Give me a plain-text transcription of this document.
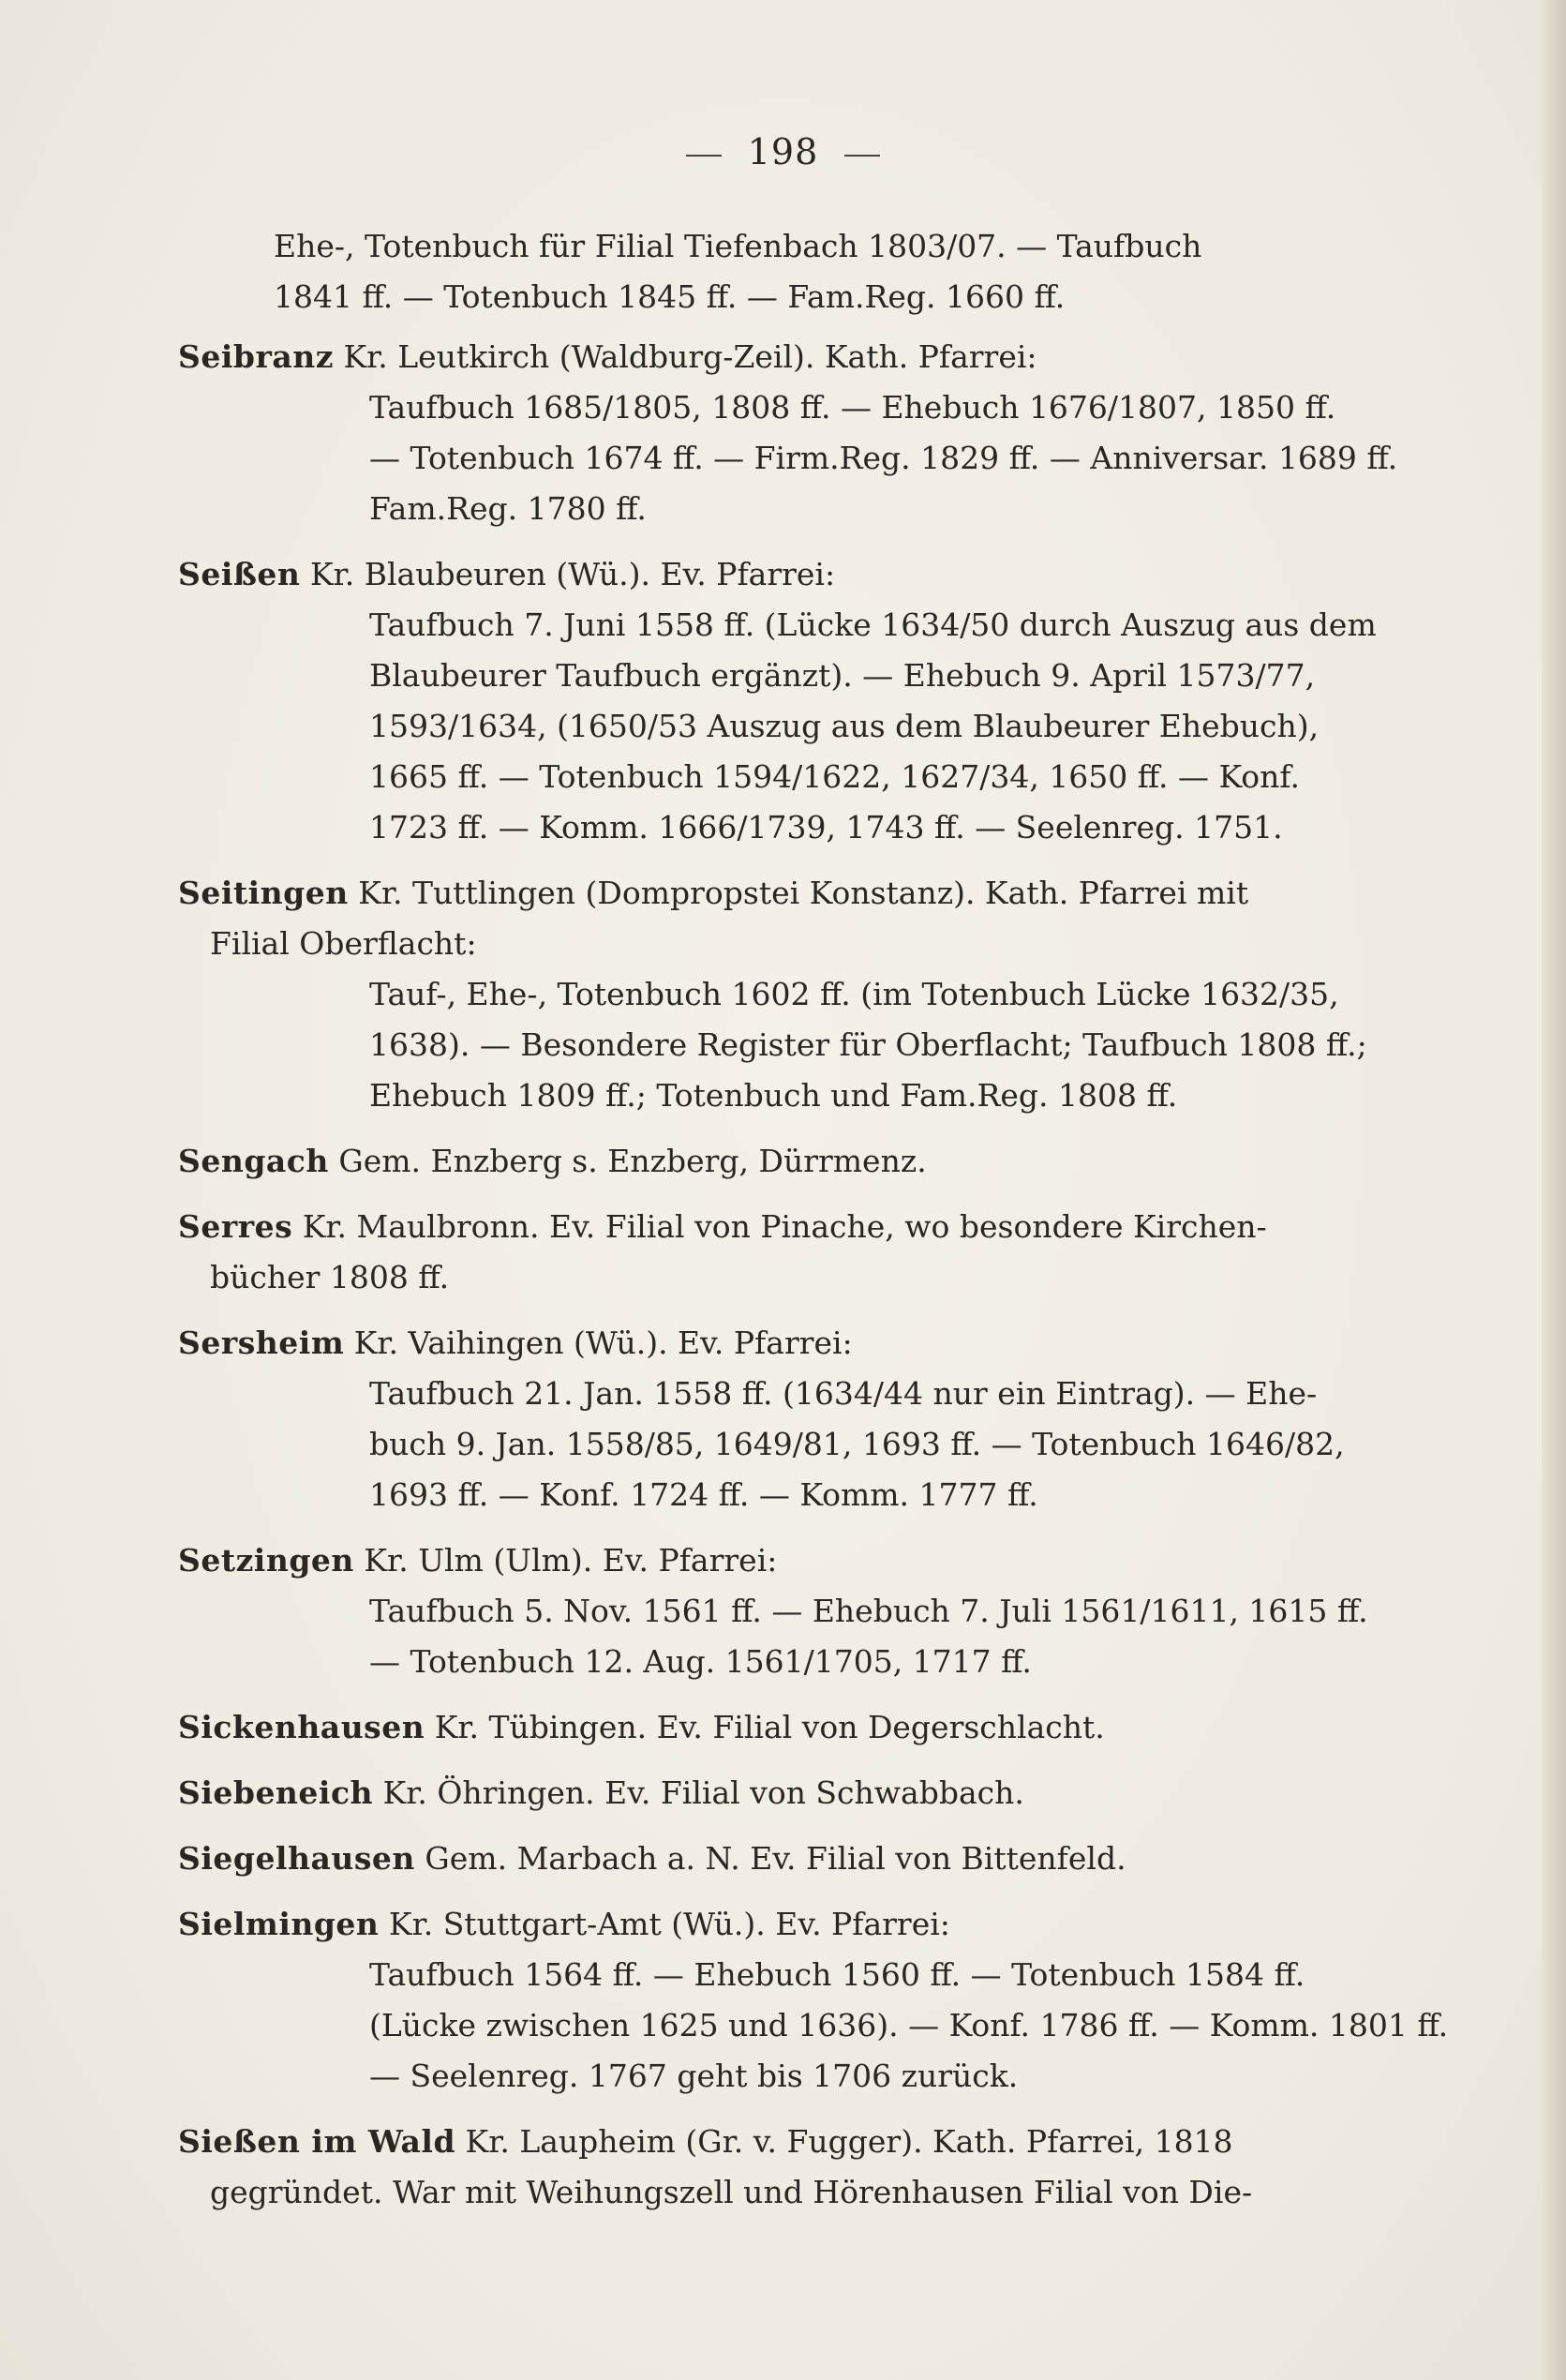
198
Ehe-, Totenbuch für Filial Tiefenbach 1803/07. — Taufbuch
1841 ff. — Totenbuch 1845 ff. — Fam.Reg. 1660 ff.
Seibranz Kr. Leutkirch (Waldburg-Zeil). Kath. Pfarrei:
Taufbuch 1685/1805, 1808 ff. — Ehebuch 1676/1807, 1850 ff.
— Totenbuch 1674 ff. — Firm.Reg. 1829 ff. — Anniversar. 1689 ff.
Fam.Reg. 1780 ff.
Seißen Kr. Blaubeuren (Wü.). Ev. Pfarrei:
Taufbuch 7. Juni 1558 ff. (Lücke 1634/50 durch Auszug aus dem
Blaubeurer Taufbuch ergänzt). — Ehebuch 9. April 1573/77,
1593/1634, (1650/53 Auszug aus dem Blaubeurer Ehebuch),
1665 ff. — Totenbuch 1594/1622, 1627/34, 1650 ff. — Konf.
1723 ff. — Komm. 1666/1739, 1743 ff. — Seelenreg. 1751.
Seitingen Kr. Tuttlingen (Dompropstei Konstanz). Kath. Pfarrei mit
Filial Oberflacht:
Tauf-, Ehe-, Totenbuch 1602 ff. (im Totenbuch Lücke 1632/35,
1638). — Besondere Register für Oberflacht; Taufbuch 1808 ff.;
Ehebuch 1809 ff.; Totenbuch und Fam.Reg. 1808 ff.
Sengach Gem. Enzberg s. Enzberg, Dürrmenz.
Serres Kr. Maulbronn. Ev. Filial von Pinache, wo besondere Kirchen-
bücher 1808 ff.
Sersheim Kr. Vaihingen (Wü.). Ev. Pfarrei:
Taufbuch 21. Jan. 1558 ff. (1634/44 nur ein Eintrag). — Ehe-
buch 9. Jan. 1558/85, 1649/81, 1693 ff. — Totenbuch 1646/82,
1693 ff. — Konf. 1724 ff. — Komm. 1777 ff.
Setzingen Kr. Ulm (Ulm). Ev. Pfarrei:
Taufbuch 5. Nov. 1561 ff. — Ehebuch 7. Juli 1561/1611, 1615 ff.
— Totenbuch 12. Aug. 1561/1705, 1717 ff.
Sickenhausen Kr. Tübingen. Ev. Filial von Degerschlacht.
Siebeneich Kr. Öhringen. Ev. Filial von Schwabbach.
Siegelhausen Gem. Marbach a. N. Ev. Filial von Bittenfeld.
Sielmingen Kr. Stuttgart-Amt (Wü.). Ev. Pfarrei:
Taufbuch 1564 ff. — Ehebuch 1560 ff. — Totenbuch 1584 ff.
(Lücke zwischen 1625 und 1636). — Konf. 1786 ff. — Komm. 1801 ff.
— Seelenreg. 1767 geht bis 1706 zurück.
Sießen im Wald Kr. Laupheim (Gr. v. Fugger). Kath. Pfarrei, 1818
gegründet. War mit Weihungszell und Hörenhausen Filial von Die-
